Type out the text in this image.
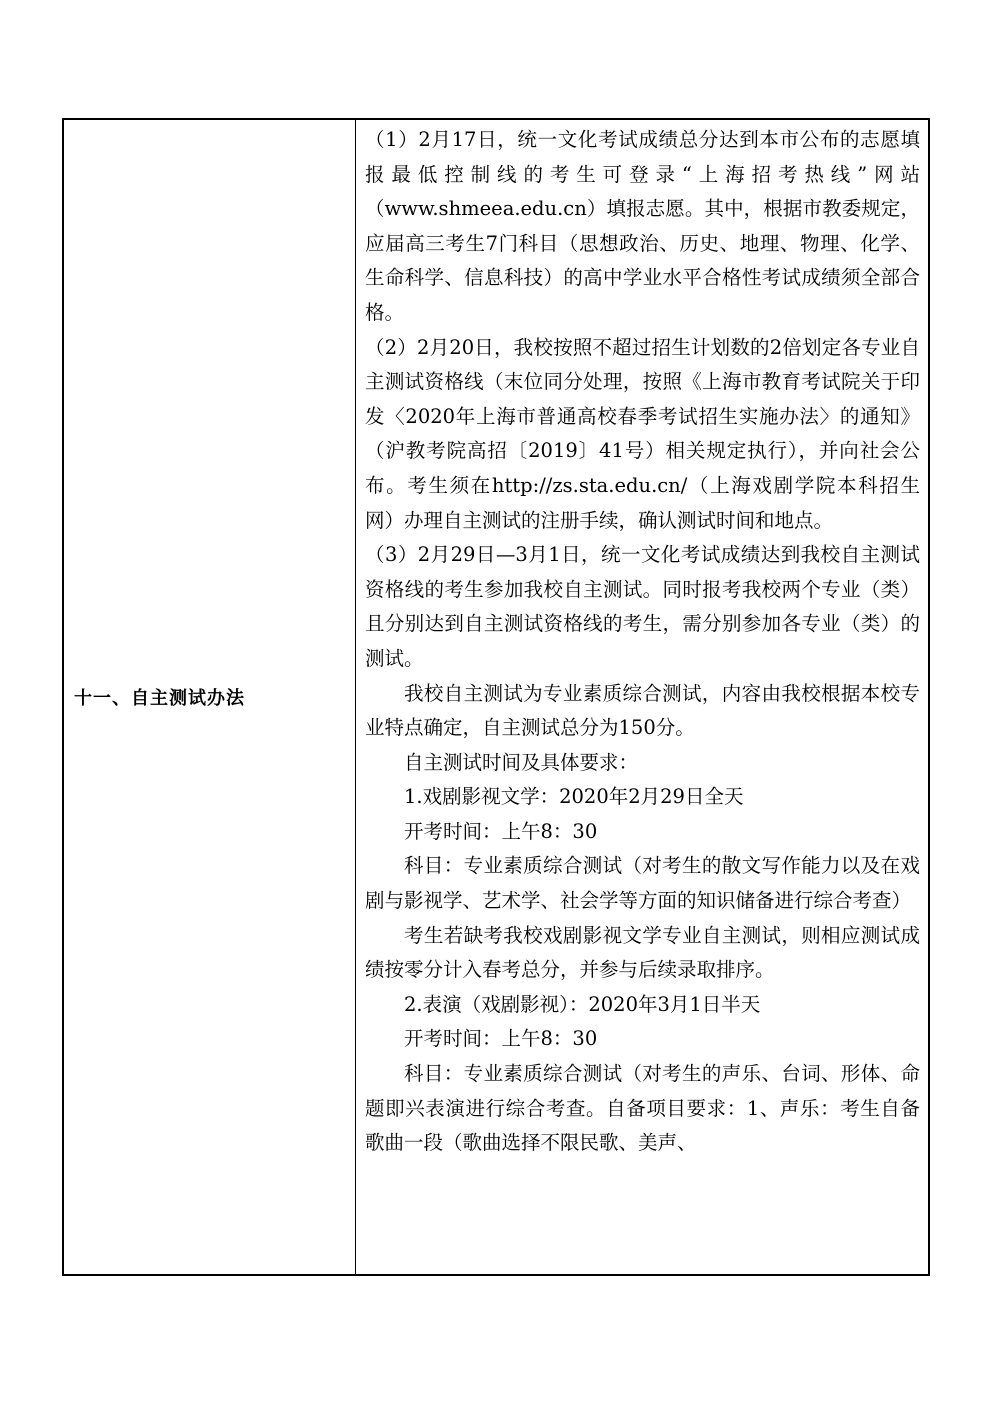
十一、自主测试办法

（1）2月17日，统一文化考试成绩总分达到本市公布的志愿填报最低控制线的考生可登录“上海招考热线”网站（www.shmeea.edu.cn）填报志愿。其中，根据市教委规定，应届高三考生7门科目（思想政治、历史、地理、物理、化学、生命科学、信息科技）的高中学业水平合格性考试成绩须全部合格。

（2）2月20日，我校按照不超过招生计划数的2倍划定各专业自主测试资格线（末位同分处理，按照《上海市教育考试院关于印发〈2020年上海市普通高校春季考试招生实施办法〉的通知》（沪教考院高招〔2019〕41号）相关规定执行），并向社会公布。考生须在http://zs.sta.edu.cn/（上海戏剧学院本科招生网）办理自主测试的注册手续，确认测试时间和地点。

（3）2月29日—3月1日，统一文化考试成绩达到我校自主测试资格线的考生参加我校自主测试。同时报考我校两个专业（类）且分别达到自主测试资格线的考生，需分别参加各专业（类）的测试。

我校自主测试为专业素质综合测试，内容由我校根据本校专业特点确定，自主测试总分为150分。

自主测试时间及具体要求：

1.戏剧影视文学：2020年2月29日全天

开考时间：上午8：30

科目：专业素质综合测试（对考生的散文写作能力以及在戏剧与影视学、艺术学、社会学等方面的知识储备进行综合考查）

考生若缺考我校戏剧影视文学专业自主测试，则相应测试成绩按零分计入春考总分，并参与后续录取排序。

2.表演（戏剧影视）：2020年3月1日半天

开考时间：上午8：30

科目：专业素质综合测试（对考生的声乐、台词、形体、命题即兴表演进行综合考查。自备项目要求：1、声乐：考生自备歌曲一段（歌曲选择不限民歌、美声、
